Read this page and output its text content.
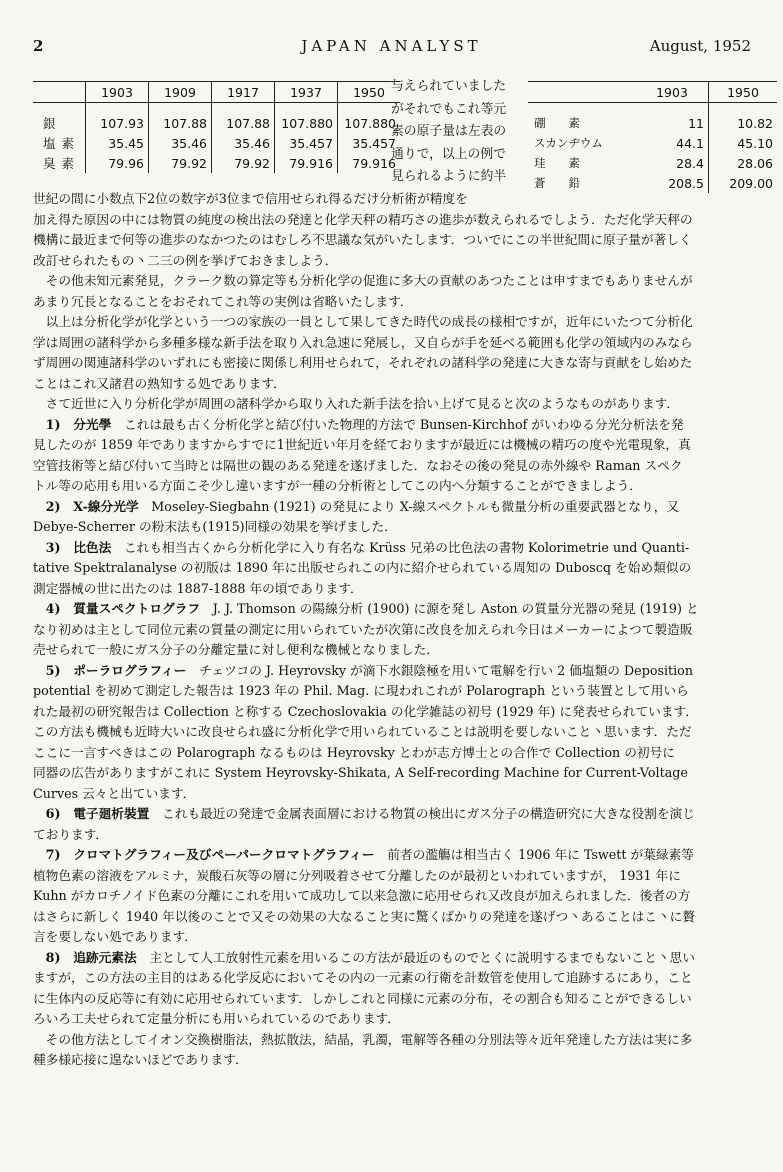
2	JAPAN ANALYST	August, 1952
	1903	1909	1917	1937	1950
銀	107.93	107.88	107.88	107.880	107.880
塩素	35.45	35.46	35.46	35.457	35.457
臭素	79.96	79.92	79.92	79.916	79.916
与えられていました
がそれでもこれ等元
素の原子量は左表の
通りで，以上の例で
見られるように約半
	1903	1950
硼　　素	11	10.82
スカンヂウム	44.1	45.10
珪　　素	28.4	28.06
蒼　　鉛	208.5	209.00
世紀の間に小数点下2位の数字が3位まで信用せられ得るだけ分析術が精度を
加え得た原因の中には物質の純度の検出法の発達と化学天秤の精巧さの進歩が数えられるでしよう．ただ化学天秤の
機構に最近まで何等の進歩のなかつたのはむしろ不思議な気がいたします．ついでにこの半世紀間に原子量が著しく
改訂せられたもの丶二三の例を挙げておきましよう．
　その他未知元素発見，クラーク数の算定等も分析化学の促進に多大の貢献のあつたことは申すまでもありませんが
あまり冗長となることをおそれてこれ等の実例は省略いたします．
　以上は分析化学が化学という一つの家族の一員として果してきた時代の成長の様相ですが，近年にいたつて分析化
学は周囲の諸科学から多種多様な新手法を取り入れ急速に発展し，又自らが手を延べる範囲も化学の領域内のみなら
ず周囲の関連諸科学のいずれにも密接に関係し利用せられて，それぞれの諸科学の発達に大きな寄与貢献をし始めた
ことはこれ又諸君の熟知する処であります．
　さて近世に入り分析化学が周囲の諸科学から取り入れた新手法を拾い上げて見ると次のようなものがあります．
　1)　分光學　これは最も古く分析化学と結び付いた物理的方法で Bunsen-Kirchhof がいわゆる分光分析法を発
見したのが 1859 年でありますからすでに1世紀近い年月を経ておりますが最近には機械の精巧の度や光電現象，真
空管技術等と結び付いて当時とは隔世の観のある発達を遂げました．なおその後の発見の赤外線や Raman スペク
トル等の応用も用いる方面こそ少し違いますが一種の分析術としてこの内へ分類することができましよう．
　2)　X-線分光学　Moseley-Siegbahn (1921) の発見により X-線スペクトルも微量分析の重要武器となり，又
Debye-Scherrer の粉末法も(1915)同様の効果を挙げました．
　3)　比色法　これも相当古くから分析化学に入り有名な Krüss 兄弟の比色法の書物 Kolorimetrie und Quanti-
tative Spektralanalyse の初版は 1890 年に出版せられこの内に紹介せられている周知の Duboscq を始め類似の
測定器械の世に出たのは 1887-1888 年の頃であります．
　4)　質量スペクトログラフ　J. J. Thomson の陽線分析 (1900) に源を発し Aston の質量分光器の発見 (1919) と
なり初めは主として同位元素の質量の測定に用いられていたが次第に改良を加えられ今日はメーカーによつて製造販
売せられて一般にガス分子の分離定量に対し便利な機械となりました．
　5)　ポーラログラフィー　チェツコの J. Heyrovsky が滴下水銀陰極を用いて電解を行い 2 価塩類の Deposition
potential を初めて測定した報告は 1923 年の Phil. Mag. に現われこれが Polarograph という装置として用いら
れた最初の研究報告は Collection と称する Czechoslovakia の化学雑誌の初号 (1929 年) に発表せられています．
この方法も機械も近時大いに改良せられ盛に分析化学で用いられていることは説明を要しないこと丶思います．ただ
ここに一言すべきはこの Polarograph なるものは Heyrovsky とわが志方博士との合作で Collection の初号に
同器の広告がありますがこれに System Heyrovsky-Shikata, A Self-recording Machine for Current-Voltage
Curves 云々と出ています．
　6)　電子廻析裝置　これも最近の発達で金属表面層における物質の検出にガス分子の構造研究に大きな役割を演じ
ております．
　7)　クロマトグラフィー及びペーパークロマトグラフィー　前者の濫觴は相当古く 1906 年に Tswett が葉緑素等
植物色素の溶液をアルミナ，炭酸石灰等の層に分列吸着させて分離したのが最初といわれていますが， 1931 年に
Kuhn がカロチノイド色素の分離にこれを用いて成功して以来急激に応用せられ又改良が加えられました．後者の方
はさらに新しく 1940 年以後のことで又その効果の大なること実に驚くばかりの発達を遂げつ丶あることはこ丶に贅
言を要しない処であります．
　8)　追跡元素法　主として人工放射性元素を用いるこの方法が最近のものでとくに説明するまでもないこと丶思い
ますが，この方法の主目的はある化学反応においてその内の一元素の行衛を計数管を使用して追跡するにあり，こと
に生体内の反応等に有効に応用せられています．しかしこれと同様に元素の分布，その割合も知ることができるしい
ろいろ工夫せられて定量分析にも用いられているのであります．
　その他方法としてイオン交換樹脂法，熱拡散法，結晶，乳濁，電解等各種の分別法等々近年発達した方法は実に多
種多様応接に遑ないほどであります．
